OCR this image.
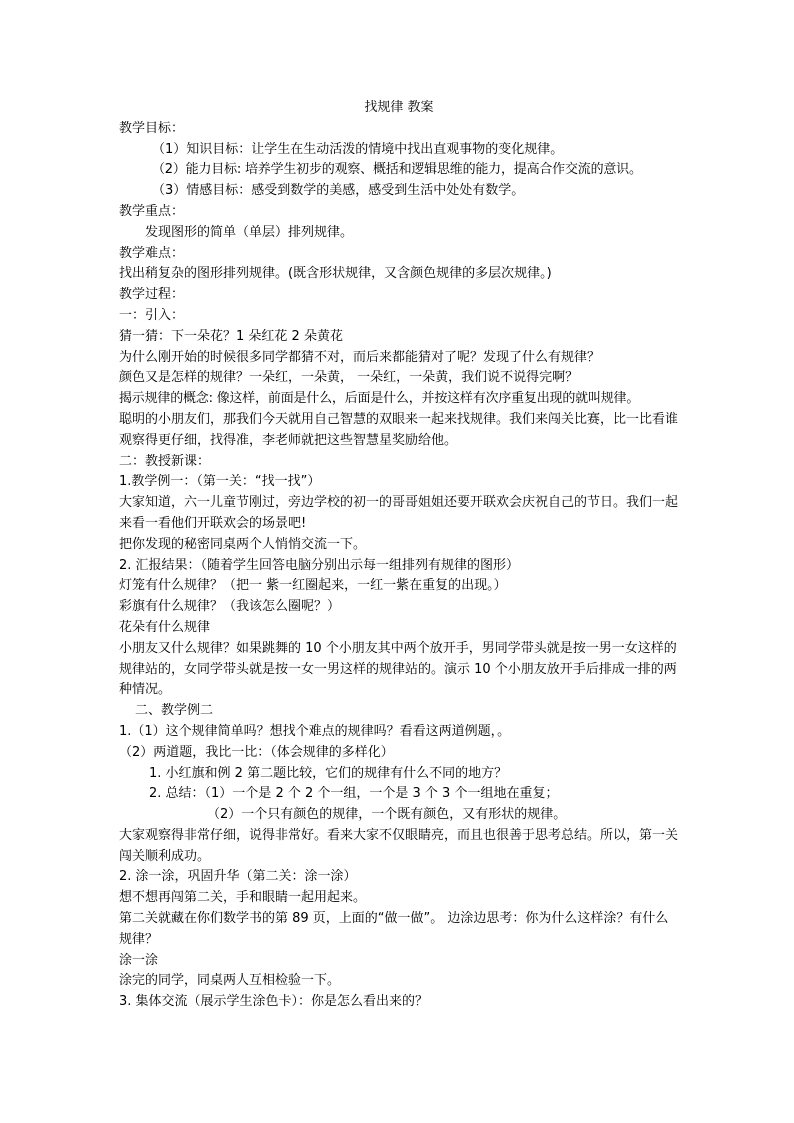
找规律 教案

教学目标：

（1）知识目标：让学生在生动活泼的情境中找出直观事物的变化规律。

（2）能力目标: 培养学生初步的观察、概括和逻辑思维的能力，提高合作交流的意识。

（3）情感目标：感受到数学的美感，感受到生活中处处有数学。

教学重点：

发现图形的简单（单层）排列规律。

教学难点：

找出稍复杂的图形排列规律。(既含形状规律，又含颜色规律的多层次规律。)

教学过程：

一：引入：

猜一猜：下一朵花？1 朵红花 2 朵黄花

为什么刚开始的时候很多同学都猜不对，而后来都能猜对了呢？发现了什么有规律？

颜色又是怎样的规律？一朵红，一朵黄， 一朵红，一朵黄，我们说不说得完啊？

揭示规律的概念: 像这样，前面是什么，后面是什么，并按这样有次序重复出现的就叫规律。

聪明的小朋友们，那我们今天就用自己智慧的双眼来一起来找规律。我们来闯关比赛，比一比看谁观察得更仔细，找得准，李老师就把这些智慧星奖励给他。

二：教授新课：

1.教学例一：（第一关：“找一找”）

大家知道，六一儿童节刚过，旁边学校的初一的哥哥姐姐还要开联欢会庆祝自己的节日。我们一起来看一看他们开联欢会的场景吧!

把你发现的秘密同桌两个人悄悄交流一下。

2. 汇报结果：（随着学生回答电脑分别出示每一组排列有规律的图形）

灯笼有什么规律？（把一 紫一红圈起来，一红一紫在重复的出现。）

彩旗有什么规律？（我该怎么圈呢？）

花朵有什么规律

小朋友又什么规律？如果跳舞的 10 个小朋友其中两个放开手，男同学带头就是按一男一女这样的规律站的，女同学带头就是按一女一男这样的规律站的。演示 10 个小朋友放开手后排成一排的两种情况。

二、教学例二

1.（1）这个规律简单吗？想找个难点的规律吗？看看这两道例题，。

（2）两道题，我比一比：（体会规律的多样化）

1. 小红旗和例 2 第二题比较，它们的规律有什么不同的地方？

2. 总结：（1）一个是 2 个 2 个一组，一个是 3 个 3 个一组地在重复；

（2）一个只有颜色的规律，一个既有颜色，又有形状的规律。

大家观察得非常仔细，说得非常好。看来大家不仅眼睛亮，而且也很善于思考总结。所以，第一关闯关顺利成功。

2. 涂一涂，巩固升华（第二关：涂一涂）

想不想再闯第二关，手和眼睛一起用起来。

第二关就藏在你们数学书的第 89 页，上面的“做一做”。 边涂边思考：你为什么这样涂？有什么规律？

涂一涂

涂完的同学，同桌两人互相检验一下。

3. 集体交流（展示学生涂色卡）：你是怎么看出来的？
